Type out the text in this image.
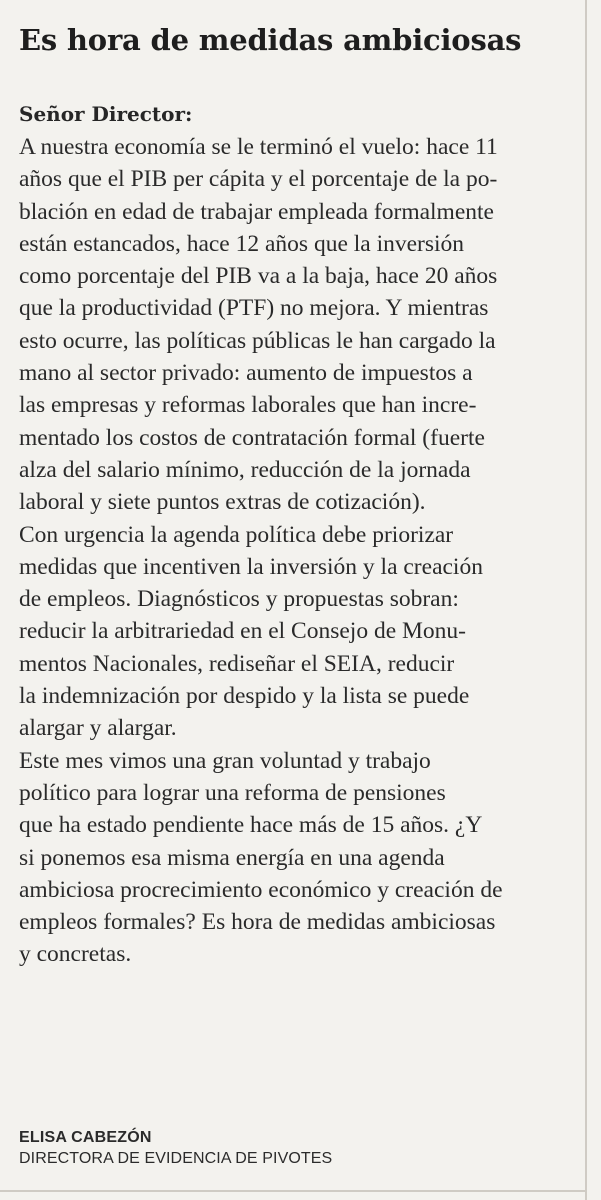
Es hora de medidas ambiciosas
Señor Director:
A nuestra economía se le terminó el vuelo: hace 11
años que el PIB per cápita y el porcentaje de la po-
blación en edad de trabajar empleada formalmente
están estancados, hace 12 años que la inversión
como porcentaje del PIB va a la baja, hace 20 años
que la productividad (PTF) no mejora. Y mientras
esto ocurre, las políticas públicas le han cargado la
mano al sector privado: aumento de impuestos a
las empresas y reformas laborales que han incre-
mentado los costos de contratación formal (fuerte
alza del salario mínimo, reducción de la jornada
laboral y siete puntos extras de cotización).
Con urgencia la agenda política debe priorizar
medidas que incentiven la inversión y la creación
de empleos. Diagnósticos y propuestas sobran:
reducir la arbitrariedad en el Consejo de Monu-
mentos Nacionales, rediseñar el SEIA, reducir
la indemnización por despido y la lista se puede
alargar y alargar.
Este mes vimos una gran voluntad y trabajo
político para lograr una reforma de pensiones
que ha estado pendiente hace más de 15 años. ¿Y
si ponemos esa misma energía en una agenda
ambiciosa procrecimiento económico y creación de
empleos formales? Es hora de medidas ambiciosas
y concretas.
ELISA CABEZÓN
DIRECTORA DE EVIDENCIA DE PIVOTES
